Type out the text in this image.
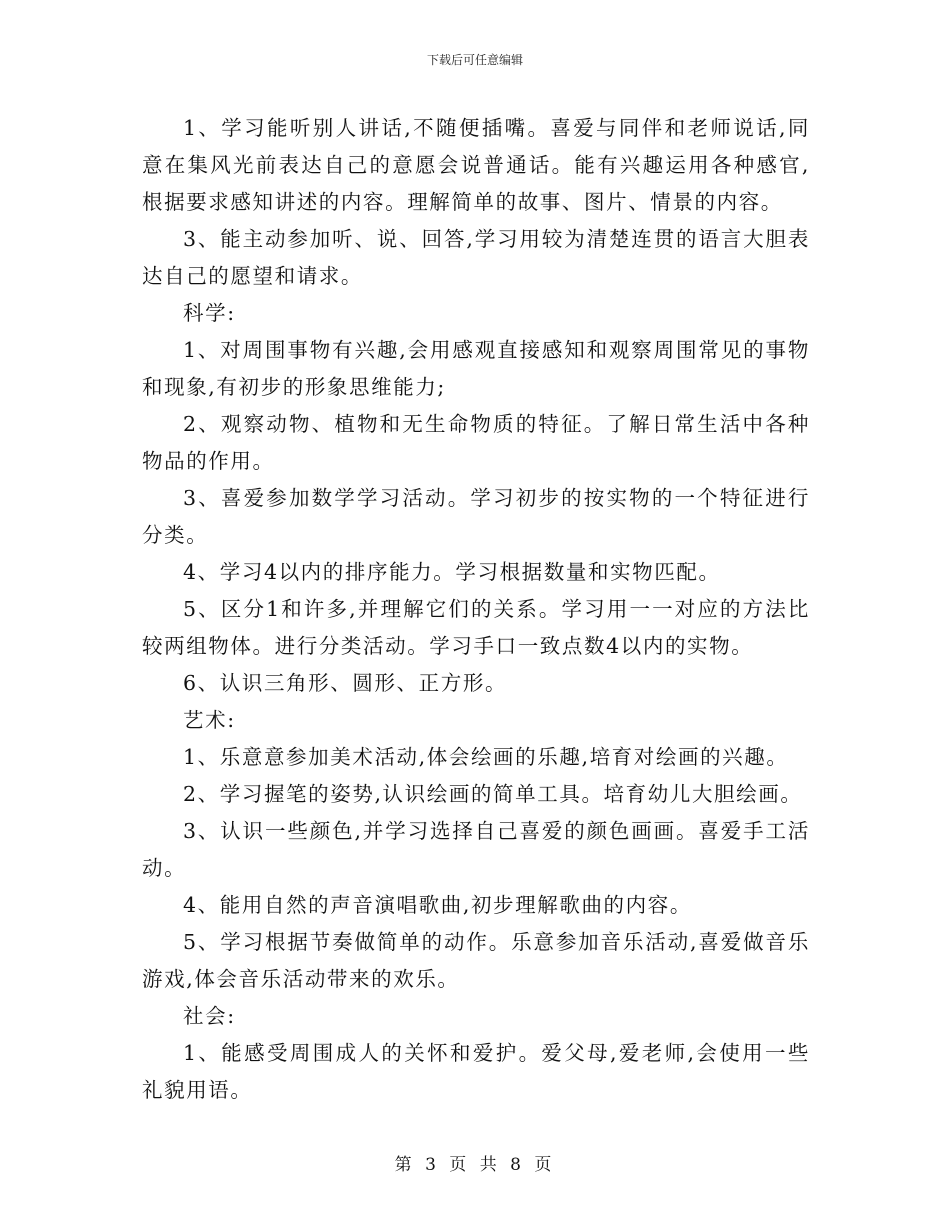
下载后可任意编辑

1、学习能听别人讲话,不随便插嘴。喜爱与同伴和老师说话,同意在集风光前表达自己的意愿会说普通话。能有兴趣运用各种感官,根据要求感知讲述的内容。理解简单的故事、图片、情景的内容。

3、能主动参加听、说、回答,学习用较为清楚连贯的语言大胆表达自己的愿望和请求。

科学:

1、对周围事物有兴趣,会用感观直接感知和观察周围常见的事物和现象,有初步的形象思维能力;

2、观察动物、植物和无生命物质的特征。了解日常生活中各种物品的作用。

3、喜爱参加数学学习活动。学习初步的按实物的一个特征进行分类。

4、学习4以内的排序能力。学习根据数量和实物匹配。

5、区分1和许多,并理解它们的关系。学习用一一对应的方法比较两组物体。进行分类活动。学习手口一致点数4以内的实物。

6、认识三角形、圆形、正方形。

艺术:

1、乐意意参加美术活动,体会绘画的乐趣,培育对绘画的兴趣。

2、学习握笔的姿势,认识绘画的简单工具。培育幼儿大胆绘画。

3、认识一些颜色,并学习选择自己喜爱的颜色画画。喜爱手工活动。

4、能用自然的声音演唱歌曲,初步理解歌曲的内容。

5、学习根据节奏做简单的动作。乐意参加音乐活动,喜爱做音乐游戏,体会音乐活动带来的欢乐。

社会:

1、能感受周围成人的关怀和爱护。爱父母,爱老师,会使用一些礼貌用语。

第 3 页 共 8 页
